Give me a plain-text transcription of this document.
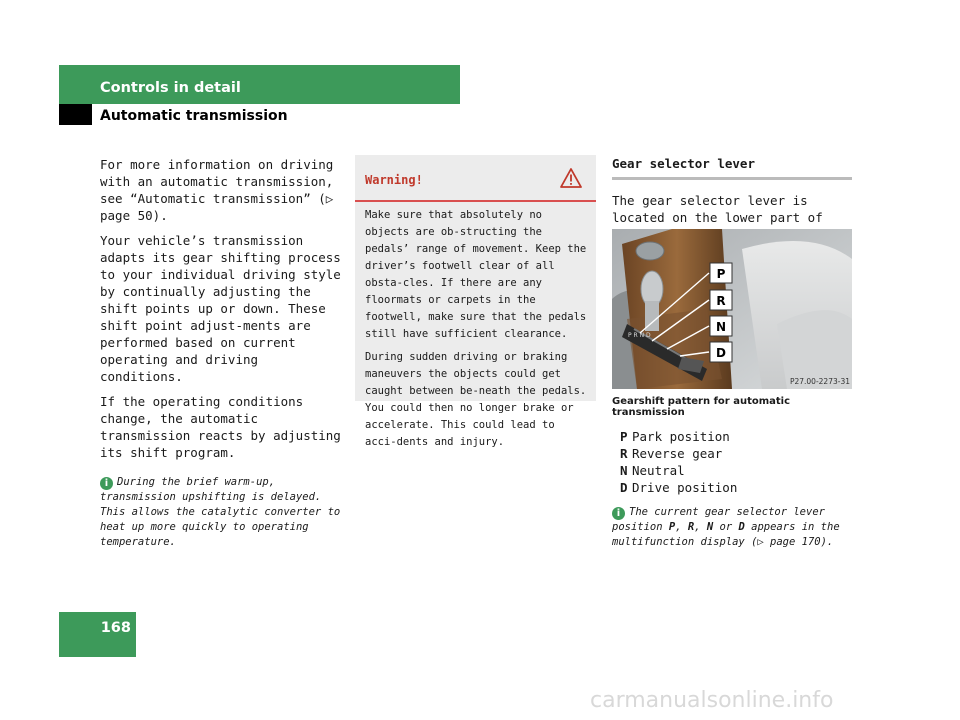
Controls in detail
Automatic transmission

For more information on driving with an automatic transmission, see “Automatic transmission” (▷ page 50).

Your vehicle’s transmission adapts its gear shifting process to your individual driving style by continually adjusting the shift points up or down. These shift point adjust-ments are performed based on current operating and driving conditions.

If the operating conditions change, the automatic transmission reacts by adjusting its shift program.

i During the brief warm-up, transmission upshifting is delayed. This allows the catalytic converter to heat up more quickly to operating temperature.
Warning!

Make sure that absolutely no objects are ob-structing the pedals’ range of movement. Keep the driver’s footwell clear of all obsta-cles. If there are any floormats or carpets in the footwell, make sure that the pedals still have sufficient clearance.

During sudden driving or braking maneuvers the objects could get caught between be-neath the pedals. You could then no longer brake or accelerate. This could lead to acci-dents and injury.

Gear selector lever
The gear selector lever is located on the lower part of
P R N D
P
R
N
D
P27.00-2273-31
Gearshift pattern for automatic transmission
P Park position
R Reverse gear
N Neutral
D Drive position
i The current gear selector lever position P, R, N or D appears in the multifunction display (▷ page 170).
168
carmanualsonline.info
